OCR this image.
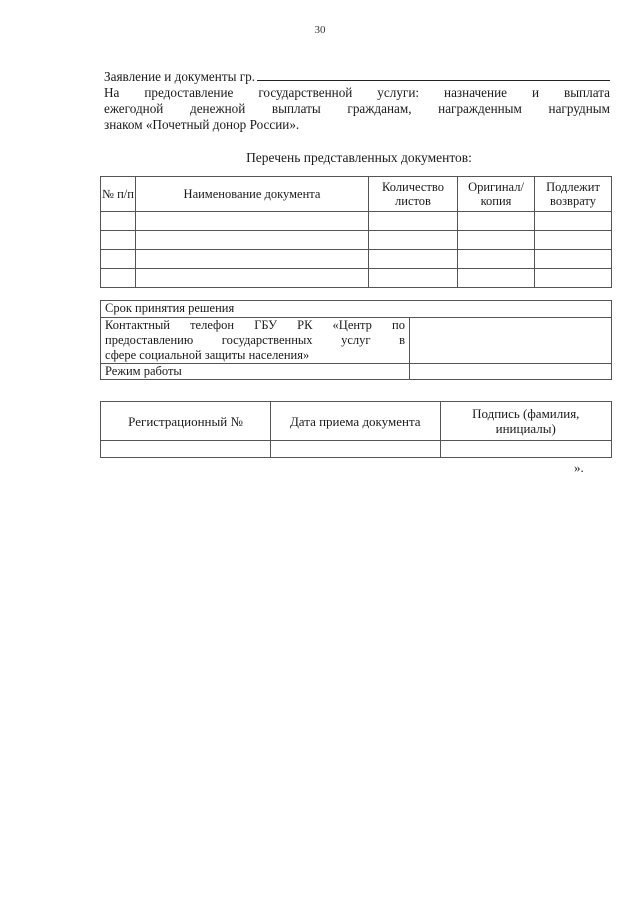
30
Заявление и документы гр.
На предоставление государственной услуги: назначение и выплата
ежегодной денежной выплаты гражданам, награжденным нагрудным
знаком «Почетный донор России».
Перечень представленных документов:
№ п/п	Наименование документа	Количество листов	Оригинал/ копия	Подлежит возврату

Срок принятия решения	

Контактный телефон ГБУ РК «Центр по
предоставлению государственных услуг в
сфере социальной защиты населения»	

Режим работы	
Регистрационный №	Дата приема документа	Подпись (фамилия, инициалы)

».
